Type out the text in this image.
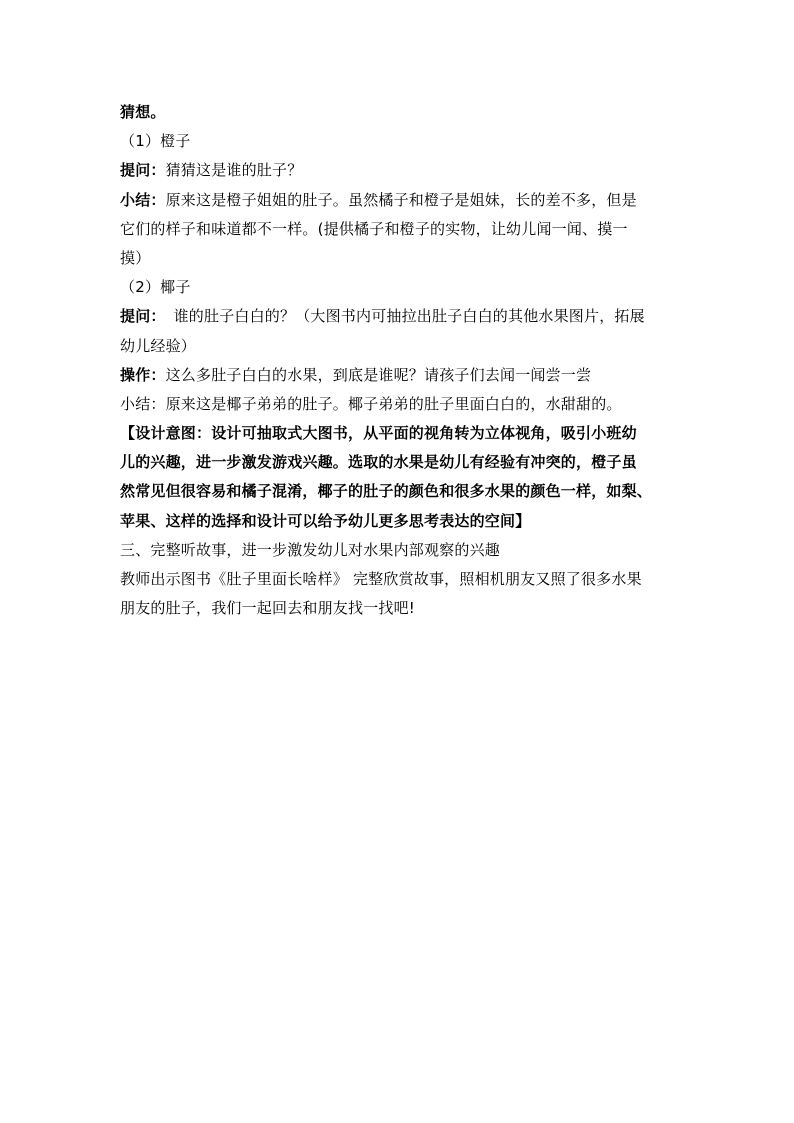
猜想。
（1）橙子
提问：猜猜这是谁的肚子？
小结：原来这是橙子姐姐的肚子。虽然橘子和橙子是姐妹，长的差不多，但是
它们的样子和味道都不一样。(提供橘子和橙子的实物，让幼儿闻一闻、摸一
摸）
（2）椰子
提问： 谁的肚子白白的？（大图书内可抽拉出肚子白白的其他水果图片，拓展
幼儿经验）
操作：这么多肚子白白的水果，到底是谁呢？请孩子们去闻一闻尝一尝
小结：原来这是椰子弟弟的肚子。椰子弟弟的肚子里面白白的，水甜甜的。
【设计意图：设计可抽取式大图书，从平面的视角转为立体视角，吸引小班幼
儿的兴趣，进一步激发游戏兴趣。选取的水果是幼儿有经验有冲突的，橙子虽
然常见但很容易和橘子混淆，椰子的肚子的颜色和很多水果的颜色一样，如梨、
苹果、这样的选择和设计可以给予幼儿更多思考表达的空间】
三、完整听故事，进一步激发幼儿对水果内部观察的兴趣
教师出示图书《肚子里面长啥样》 完整欣赏故事，照相机朋友又照了很多水果
朋友的肚子，我们一起回去和朋友找一找吧!
